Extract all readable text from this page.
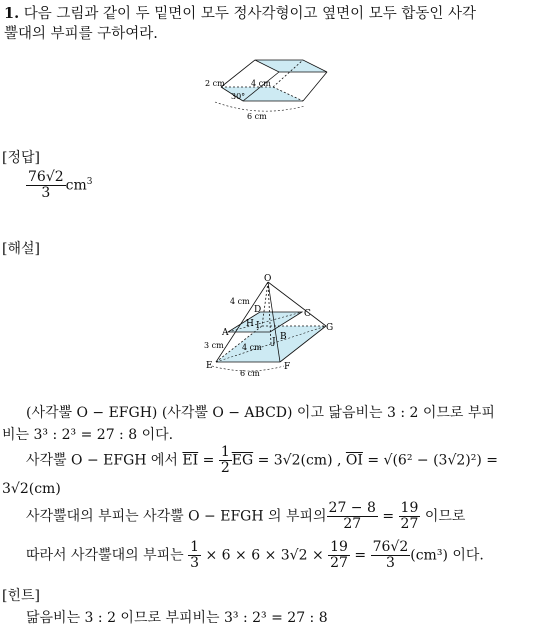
1. 다음 그림과 같이 두 밑면이 모두 정사각형이고 옆면이 모두 합동인 사각
뿔대의 부피를 구하여라.
2 cm	4 cm
30°
6 cm
[정답]
$\frac{76√2}{3} cm^3$
[해설]
O
D
H
C
A	B
I
J
G
E	F
4 cm
3 cm 4 cm
6 cm
(사각뿔 O − EFGH) (사각뿔 O − ABCD) 이고 닮음비는 3 : 2 이므로 부피
비는 3³ : 2³ = 27 : 8 이다.
사각뿔 O − EFGH 에서 $\overline{EI} = \frac{1}{2} \overline{EG} = 3√2(cm)$ , $\overline{OI} = √(6^2 - (3√2)^2)$ =
3√2(cm)
사각뿔대의 부피는 사각뿔 O − EFGH 의 부피의 $\frac{27 - 8}{27} = \frac{19}{27}$ 이므로
따라서 사각뿔대의 부피는 $\frac{1}{3} \times 6 \times 6 \times 3√2 \times \frac{19}{27} = \frac{76√2}{3} (cm^3)$ 이다.
[힌트]
닮음비는 3 : 2 이므로 부피비는 3³ : 2³ = 27 : 8
